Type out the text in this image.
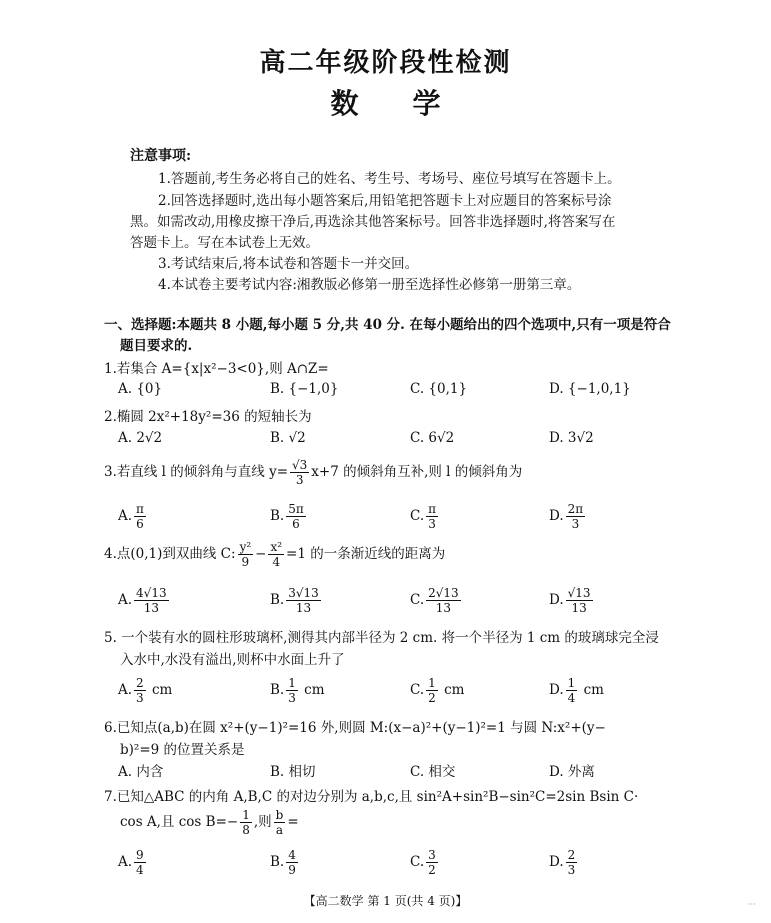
高二年级阶段性检测
数学
注意事项:
1.答题前,考生务必将自己的姓名、考生号、考场号、座位号填写在答题卡上。
2.回答选择题时,选出每小题答案后,用铅笔把答题卡上对应题目的答案标号涂
黑。如需改动,用橡皮擦干净后,再选涂其他答案标号。回答非选择题时,将答案写在
答题卡上。写在本试卷上无效。
3.考试结束后,将本试卷和答题卡一并交回。
4.本试卷主要考试内容:湘教版必修第一册至选择性必修第一册第三章。
一、选择题:本题共 8 小题,每小题 5 分,共 40 分. 在每小题给出的四个选项中,只有一项是符合
题目要求的.
1.若集合 A={x|x²−3<0},则 A∩Z=
A. {0}	B. {−1,0}	C. {0,1}	D. {−1,0,1}
2.椭圆 2x²+18y²=36 的短轴长为
A. 2√2	B. √2	C. 6√2	D. 3√2
3.若直线 l 的倾斜角与直线 $y= \frac{√3}{3} x+7$ 的倾斜角互补,则 l 的倾斜角为
A. $\frac{\pi}{6}$	B. $\frac{5\pi}{6}$	C. $\frac{\pi}{3}$	D. $\frac{2\pi}{3}$
4.点(0,1)到双曲线 C: $\frac{\text{y²}}{9} - \frac{\text{x²}}{4} =1$ 的一条渐近线的距离为
A. $\frac{4√13}{13}$	B. $\frac{3√13}{13}$	C. $\frac{2√13}{13}$	D. $\frac{√13}{13}$
5. 一个装有水的圆柱形玻璃杯,测得其内部半径为 2 cm. 将一个半径为 1 cm 的玻璃球完全浸
入水中,水没有溢出,则杯中水面上升了
A. $\frac{2}{3}$ cm	B. $\frac{1}{3}$ cm	C. $\frac{1}{2}$ cm	D. $\frac{1}{4}$ cm
6.已知点(a,b)在圆 x²+(y−1)²=16 外,则圆 M:(x−a)²+(y−1)²=1 与圆 N:x²+(y−
b)²=9 的位置关系是
A. 内含	B. 相切	C. 相交	D. 外离
7.已知△ABC 的内角 A,B,C 的对边分别为 a,b,c,且 sin²A+sin²B−sin²C=2sin Bsin C·
cos A,且 $\cos B=- \frac{1}{8}$ ,则 $\frac{b}{a}$ =
A. $\frac{9}{4}$	B. $\frac{4}{9}$	C. $\frac{3}{2}$	D. $\frac{2}{3}$
【高二数学 第 1 页(共 4 页)】	···
